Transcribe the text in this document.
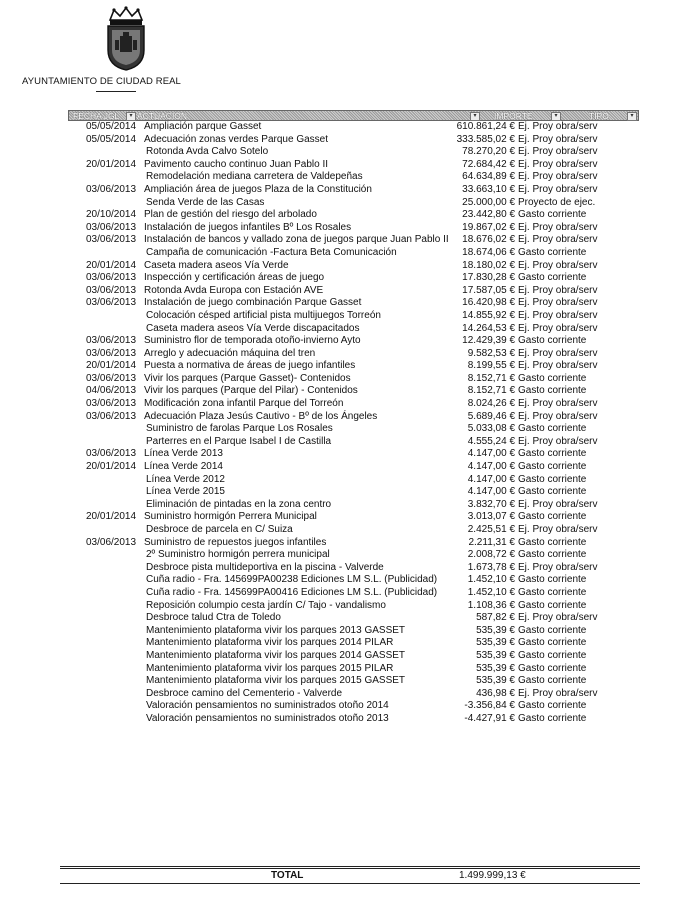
AYUNTAMIENTO DE CIUDAD REAL
FECHA JGL	▾ ACTUACIÓN	▾	IMPORTE	▾	TIPO	▾
05/05/2014 Ampliación parque Gasset	610.861,24 € Ej. Proy obra/serv
05/05/2014 Adecuación zonas verdes Parque Gasset	333.585,02 € Ej. Proy obra/serv
Rotonda Avda Calvo Sotelo	78.270,20 € Ej. Proy obra/serv
20/01/2014 Pavimento caucho continuo Juan Pablo II	72.684,42 € Ej. Proy obra/serv
Remodelación mediana carretera de Valdepeñas	64.634,89 € Ej. Proy obra/serv
03/06/2013 Ampliación área de juegos Plaza de la Constitución	33.663,10 € Ej. Proy obra/serv
Senda Verde de las Casas	25.000,00 € Proyecto de ejec.
20/10/2014 Plan de gestión del riesgo del arbolado	23.442,80 € Gasto corriente
03/06/2013 Instalación de juegos infantiles Bº Los Rosales	19.867,02 € Ej. Proy obra/serv
03/06/2013 Instalación de bancos y vallado zona de juegos parque Juan Pablo II 18.676,02 € Ej. Proy obra/serv
Campaña de comunicación -Factura Beta Comunicación	18.674,06 € Gasto corriente
20/01/2014 Caseta madera aseos Vía Verde	18.180,02 € Ej. Proy obra/serv
03/06/2013 Inspección y certificación áreas de juego	17.830,28 € Gasto corriente
03/06/2013 Rotonda Avda Europa con Estación AVE	17.587,05 € Ej. Proy obra/serv
03/06/2013 Instalación de juego combinación Parque Gasset	16.420,98 € Ej. Proy obra/serv
Colocación césped artificial pista multijuegos Torreón	14.855,92 € Ej. Proy obra/serv
Caseta madera aseos Vía Verde discapacitados	14.264,53 € Ej. Proy obra/serv
03/06/2013 Suministro flor de temporada otoño-invierno Ayto	12.429,39 € Gasto corriente
03/06/2013 Arreglo y adecuación máquina del tren	9.582,53 € Ej. Proy obra/serv
20/01/2014 Puesta a normativa de áreas de juego infantiles	8.199,55 € Ej. Proy obra/serv
03/06/2013 Vivir los parques (Parque Gasset)- Contenidos	8.152,71 € Gasto corriente
04/06/2013 Vivir los parques (Parque del Pilar) - Contenidos	8.152,71 € Gasto corriente
03/06/2013 Modificación zona infantil Parque del Torreón	8.024,26 € Ej. Proy obra/serv
03/06/2013 Adecuación Plaza Jesús Cautivo - Bº de los Ángeles	5.689,46 € Ej. Proy obra/serv
Suministro de farolas Parque Los Rosales	5.033,08 € Gasto corriente
Parterres en el Parque Isabel I de Castilla	4.555,24 € Ej. Proy obra/serv
03/06/2013 Línea Verde 2013	4.147,00 € Gasto corriente
20/01/2014 Línea Verde 2014	4.147,00 € Gasto corriente
Línea Verde 2012	4.147,00 € Gasto corriente
Línea Verde 2015	4.147,00 € Gasto corriente
Eliminación de pintadas en la zona centro	3.832,70 € Ej. Proy obra/serv
20/01/2014 Suministro hormigón Perrera Municipal	3.013,07 € Gasto corriente
Desbroce de parcela en C/ Suiza	2.425,51 € Ej. Proy obra/serv
03/06/2013 Suministro de repuestos juegos infantiles	2.211,31 € Gasto corriente
2º Suministro hormigón perrera municipal	2.008,72 € Gasto corriente
Desbroce pista multideportiva en la piscina - Valverde	1.673,78 € Ej. Proy obra/serv
Cuña radio - Fra. 145699PA00238 Ediciones LM S.L. (Publicidad)	1.452,10 € Gasto corriente
Cuña radio - Fra. 145699PA00416 Ediciones LM S.L. (Publicidad)	1.452,10 € Gasto corriente
Reposición columpio cesta jardín C/ Tajo - vandalismo	1.108,36 € Gasto corriente
Desbroce talud Ctra de Toledo	587,82 € Ej. Proy obra/serv
Mantenimiento plataforma vivir los parques 2013 GASSET	535,39 € Gasto corriente
Mantenimiento plataforma vivir los parques 2014 PILAR	535,39 € Gasto corriente
Mantenimiento plataforma vivir los parques 2014 GASSET	535,39 € Gasto corriente
Mantenimiento plataforma vivir los parques 2015 PILAR	535,39 € Gasto corriente
Mantenimiento plataforma vivir los parques 2015 GASSET	535,39 € Gasto corriente
Desbroce camino del Cementerio - Valverde	436,98 € Ej. Proy obra/serv
Valoración pensamientos no suministrados otoño 2014	-3.356,84 € Gasto corriente
Valoración pensamientos no suministrados otoño 2013	-4.427,91 € Gasto corriente
TOTAL	1.499.999,13 €
